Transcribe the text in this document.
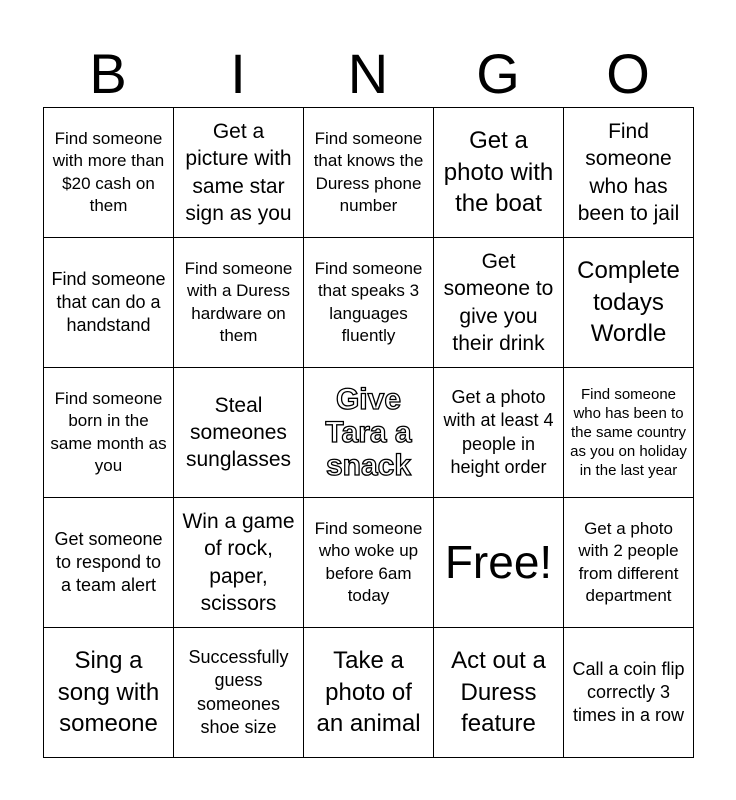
B	I	N	G	O
Find someone with more than $20 cash on them
Get a picture with same star sign as you
Find someone that knows the Duress phone number
Get a photo with the boat
Find someone who has been to jail
Find someone that can do a handstand
Find someone with a Duress hardware on them
Find someone that speaks 3 languages fluently
Get someone to give you their drink
Complete todays Wordle
Find someone born in the same month as you
Steal someones sunglasses
Give Tara a snack
Get a photo with at least 4 people in height order
Find someone who has been to the same country as you on holiday in the last year
Get someone to respond to a team alert
Win a game of rock, paper, scissors
Find someone who woke up before 6am today
Free!
Get a photo with 2 people from different department
Sing a song with someone
Successfully guess someones shoe size
Take a photo of an animal
Act out a Duress feature
Call a coin flip correctly 3 times in a row
